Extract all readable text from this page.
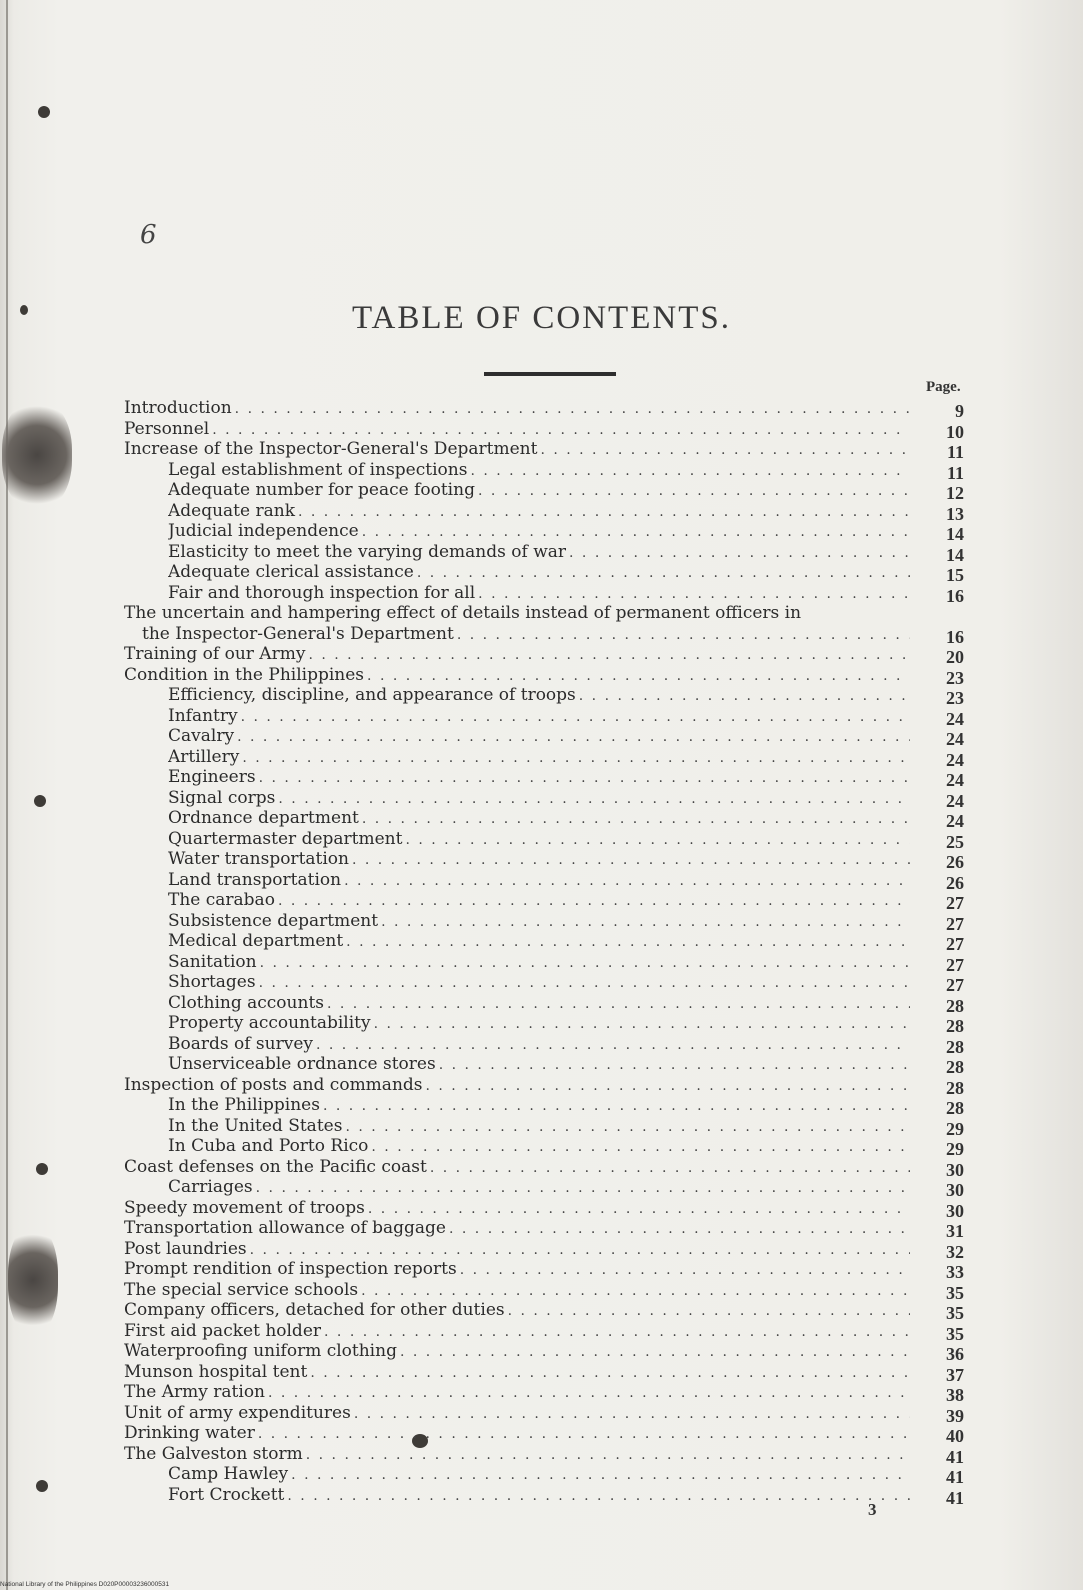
6
TABLE OF CONTENTS.
Page.
Introduction . . .	9
Personnel . . .	10
Increase of the Inspector-General's Department . . .	11
Legal establishment of inspections . . .	11
Adequate number for peace footing . . .	12
Adequate rank . . .	13
Judicial independence . . .	14
Elasticity to meet the varying demands of war . . .	14
Adequate clerical assistance . . .	15
Fair and thorough inspection for all . . .	16
The uncertain and hampering effect of details instead of permanent officers in
the Inspector-General's Department . . .	16
Training of our Army . . .	20
Condition in the Philippines . . .	23
Efficiency, discipline, and appearance of troops . . .	23
Infantry . . .	24
Cavalry . . .	24
Artillery . . .	24
Engineers . . .	24
Signal corps . . .	24
Ordnance department . . .	24
Quartermaster department . . .	25
Water transportation . . .	26
Land transportation . . .	26
The carabao . . .	27
Subsistence department . . .	27
Medical department . . .	27
Sanitation . . .	27
Shortages . . .	27
Clothing accounts . . .	28
Property accountability . . .	28
Boards of survey . . .	28
Unserviceable ordnance stores . . .	28
Inspection of posts and commands . . .	28
In the Philippines . . .	28
In the United States . . .	29
In Cuba and Porto Rico . . .	29
Coast defenses on the Pacific coast . . .	30
Carriages . . .	30
Speedy movement of troops . . .	30
Transportation allowance of baggage . . .	31
Post laundries . . .	32
Prompt rendition of inspection reports . . .	33
The special service schools . . .	35
Company officers, detached for other duties . . .	35
First aid packet holder . . .	35
Waterproofing uniform clothing . . .	36
Munson hospital tent . . .	37
The Army ration . . .	38
Unit of army expenditures . . .	39
Drinking water . . .	40
The Galveston storm . . .	41
Camp Hawley . . .	41
Fort Crockett . . .	41
3
National Library of the Philippines D020P00003236000531
